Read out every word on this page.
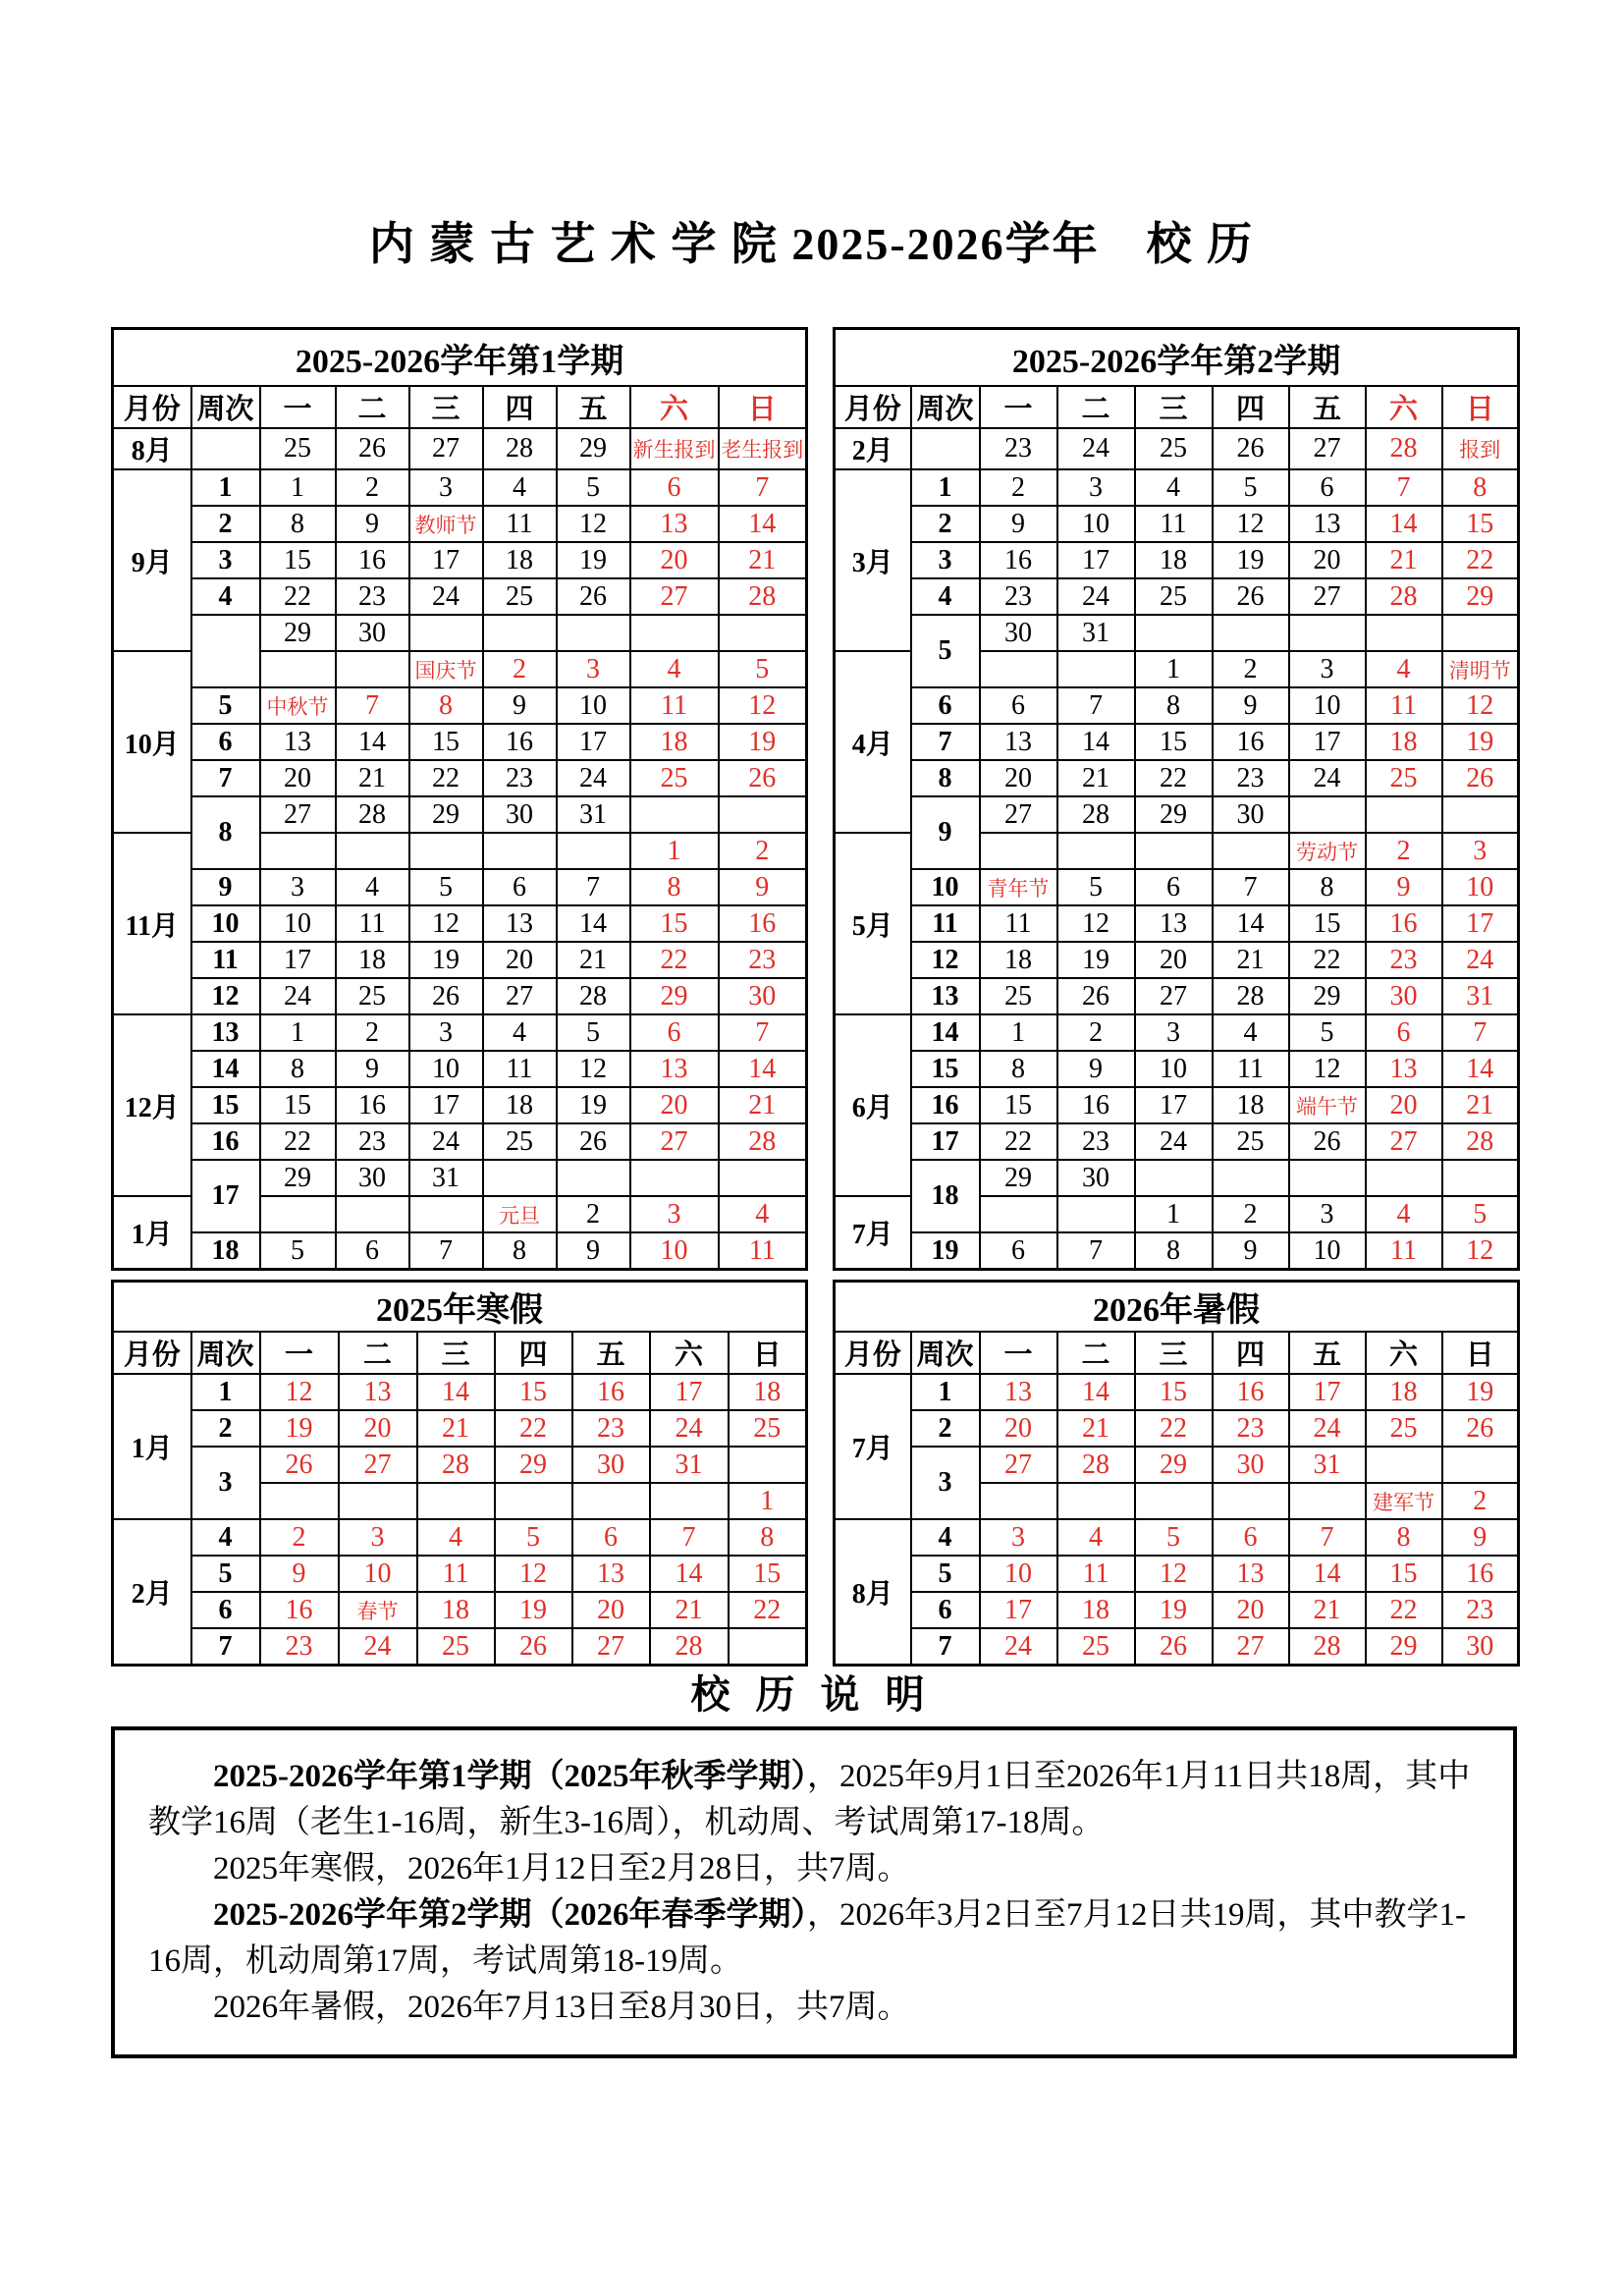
内 蒙 古 艺 术 学 院 2025-2026学年　校 历
2025-2026学年第1学期								
月份	周次	一	二	三	四	五	六	日
8月		25	26	27	28	29	新生报到	老生报到
9月	1	1	2	3	4	5	6	7
	2	8	9	教师节	11	12	13	14
	3	15	16	17	18	19	20	21
	4	22	23	24	25	26	27	28
		29	30					
10月				国庆节	2	3	4	5
	5	中秋节	7	8	9	10	11	12
	6	13	14	15	16	17	18	19
	7	20	21	22	23	24	25	26
	8	27	28	29	30	31		
11月							1	2
	9	3	4	5	6	7	8	9
	10	10	11	12	13	14	15	16
	11	17	18	19	20	21	22	23
	12	24	25	26	27	28	29	30
12月	13	1	2	3	4	5	6	7
	14	8	9	10	11	12	13	14
	15	15	16	17	18	19	20	21
	16	22	23	24	25	26	27	28
	17	29	30	31				
1月					元旦	2	3	4
	18	5	6	7	8	9	10	11
2025-2026学年第2学期								
月份	周次	一	二	三	四	五	六	日
2月		23	24	25	26	27	28	报到
3月	1	2	3	4	5	6	7	8
	2	9	10	11	12	13	14	15
	3	16	17	18	19	20	21	22
	4	23	24	25	26	27	28	29
	5	30	31					
4月				1	2	3	4	清明节
	6	6	7	8	9	10	11	12
	7	13	14	15	16	17	18	19
	8	20	21	22	23	24	25	26
	9	27	28	29	30			
5月						劳动节	2	3
	10	青年节	5	6	7	8	9	10
	11	11	12	13	14	15	16	17
	12	18	19	20	21	22	23	24
	13	25	26	27	28	29	30	31
6月	14	1	2	3	4	5	6	7
	15	8	9	10	11	12	13	14
	16	15	16	17	18	端午节	20	21
	17	22	23	24	25	26	27	28
	18	29	30					
7月				1	2	3	4	5
	19	6	7	8	9	10	11	12
2025年寒假								
月份	周次	一	二	三	四	五	六	日
1月	1	12	13	14	15	16	17	18
	2	19	20	21	22	23	24	25
	3	26	27	28	29	30	31	
								1
2月	4	2	3	4	5	6	7	8
	5	9	10	11	12	13	14	15
	6	16	春节	18	19	20	21	22
	7	23	24	25	26	27	28	
2026年暑假								
月份	周次	一	二	三	四	五	六	日
7月	1	13	14	15	16	17	18	19
	2	20	21	22	23	24	25	26
	3	27	28	29	30	31		
							建军节	2
8月	4	3	4	5	6	7	8	9
	5	10	11	12	13	14	15	16
	6	17	18	19	20	21	22	23
	7	24	25	26	27	28	29	30
校 历 说 明

2025-2026学年第1学期（2025年秋季学期），2025年9月1日至2026年1月11日共18周，其中教学16周（老生1-16周，新生3-16周），机动周、考试周第17-18周。

2025年寒假，2026年1月12日至2月28日，共7周。

2025-2026学年第2学期（2026年春季学期），2026年3月2日至7月12日共19周，其中教学1-16周，机动周第17周，考试周第18-19周。

2026年暑假，2026年7月13日至8月30日，共7周。
